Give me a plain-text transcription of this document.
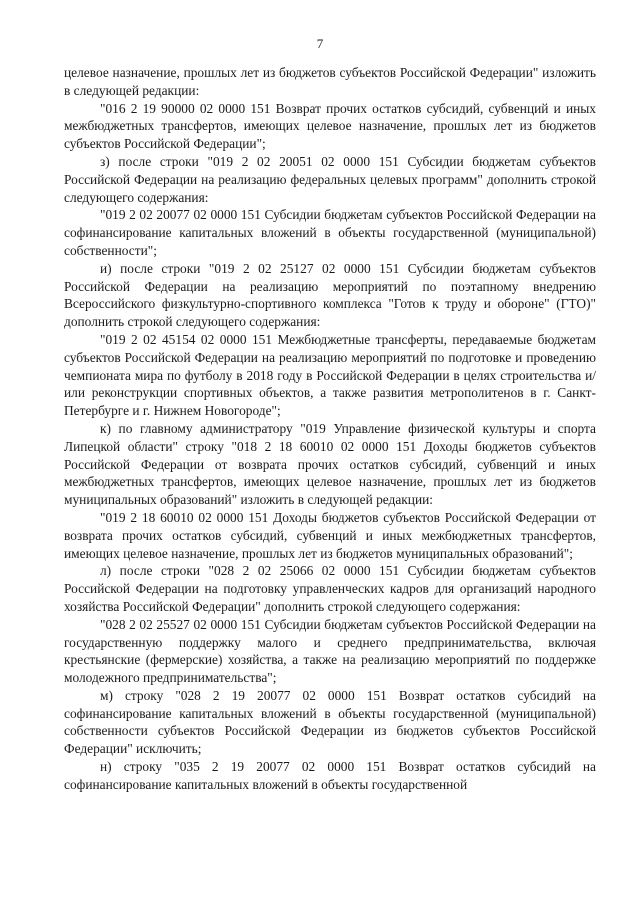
7

целевое назначение, прошлых лет из бюджетов субъектов Российской Федерации" изложить в следующей редакции:

"016 2 19 90000 02 0000 151 Возврат прочих остатков субсидий, субвенций и иных межбюджетных трансфертов, имеющих целевое назначение, прошлых лет из бюджетов субъектов Российской Федерации";

з) после строки "019 2 02 20051 02 0000 151 Субсидии бюджетам субъектов Российской Федерации на реализацию федеральных целевых программ" дополнить строкой следующего содержания:

"019 2 02 20077 02 0000 151 Субсидии бюджетам субъектов Российской Федерации на софинансирование капитальных вложений в объекты государственной (муниципальной) собственности";

и) после строки "019 2 02 25127 02 0000 151 Субсидии бюджетам субъектов Российской Федерации на реализацию мероприятий по поэтапному внедрению Всероссийского физкультурно-спортивного комплекса "Готов к труду и обороне" (ГТО)" дополнить строкой следующего содержания:

"019 2 02 45154 02 0000 151 Межбюджетные трансферты, передаваемые бюджетам субъектов Российской Федерации на реализацию мероприятий по подготовке и проведению чемпионата мира по футболу в 2018 году в Российской Федерации в целях строительства и/или реконструкции спортивных объектов, а также развития метрополитенов в г. Санкт-Петербурге и г. Нижнем Новогороде";

к) по главному администратору "019 Управление физической культуры и спорта Липецкой области" строку "018 2 18 60010 02 0000 151 Доходы бюджетов субъектов Российской Федерации от возврата прочих остатков субсидий, субвенций и иных межбюджетных трансфертов, имеющих целевое назначение, прошлых лет из бюджетов муниципальных образований" изложить в следующей редакции:

"019 2 18 60010 02 0000 151 Доходы бюджетов субъектов Российской Федерации от возврата прочих остатков субсидий, субвенций и иных межбюджетных трансфертов, имеющих целевое назначение, прошлых лет из бюджетов муниципальных образований";

л) после строки "028 2 02 25066 02 0000 151 Субсидии бюджетам субъектов Российской Федерации на подготовку управленческих кадров для организаций народного хозяйства Российской Федерации" дополнить строкой следующего содержания:

"028 2 02 25527 02 0000 151 Субсидии бюджетам субъектов Российской Федерации на государственную поддержку малого и среднего предпринимательства, включая крестьянские (фермерские) хозяйства, а также на реализацию мероприятий по поддержке молодежного предпринимательства";

м) строку "028 2 19 20077 02 0000 151 Возврат остатков субсидий на софинансирование капитальных вложений в объекты государственной (муниципальной) собственности субъектов Российской Федерации из бюджетов субъектов Российской Федерации" исключить;

н) строку "035 2 19 20077 02 0000 151 Возврат остатков субсидий на софинансирование капитальных вложений в объекты государственной
